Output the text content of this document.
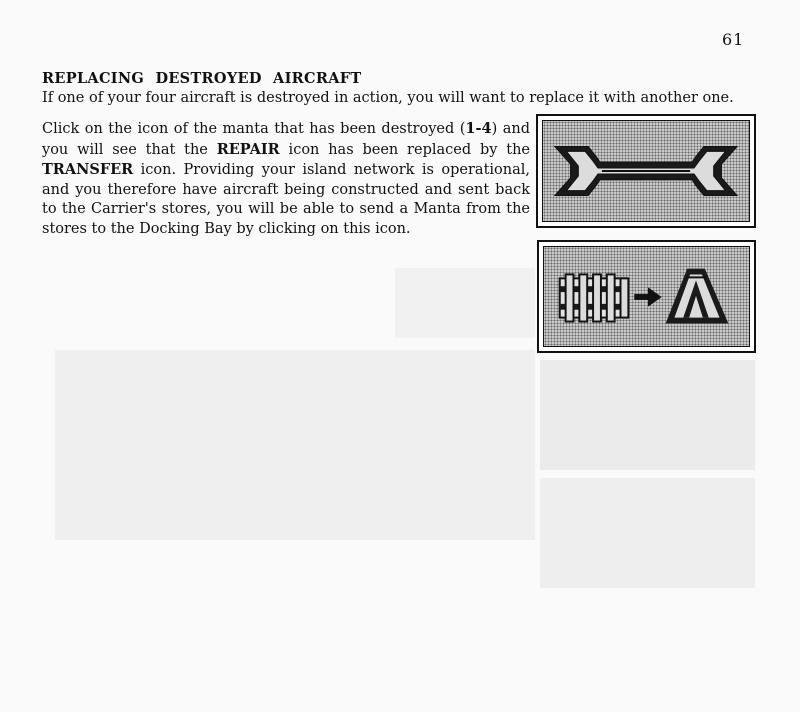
61
REPLACING DESTROYED AIRCRAFT
If one of your four aircraft is destroyed in action, you will want to replace it with another one.
Click on the icon of the manta that has been destroyed (1-4) and you will see that the REPAIR icon has been replaced by the TRANSFER icon. Providing your island network is operational, and you therefore have aircraft being constructed and sent back to the Carrier's stores, you will be able to send a Manta from the stores to the Docking Bay by clicking on this icon.
